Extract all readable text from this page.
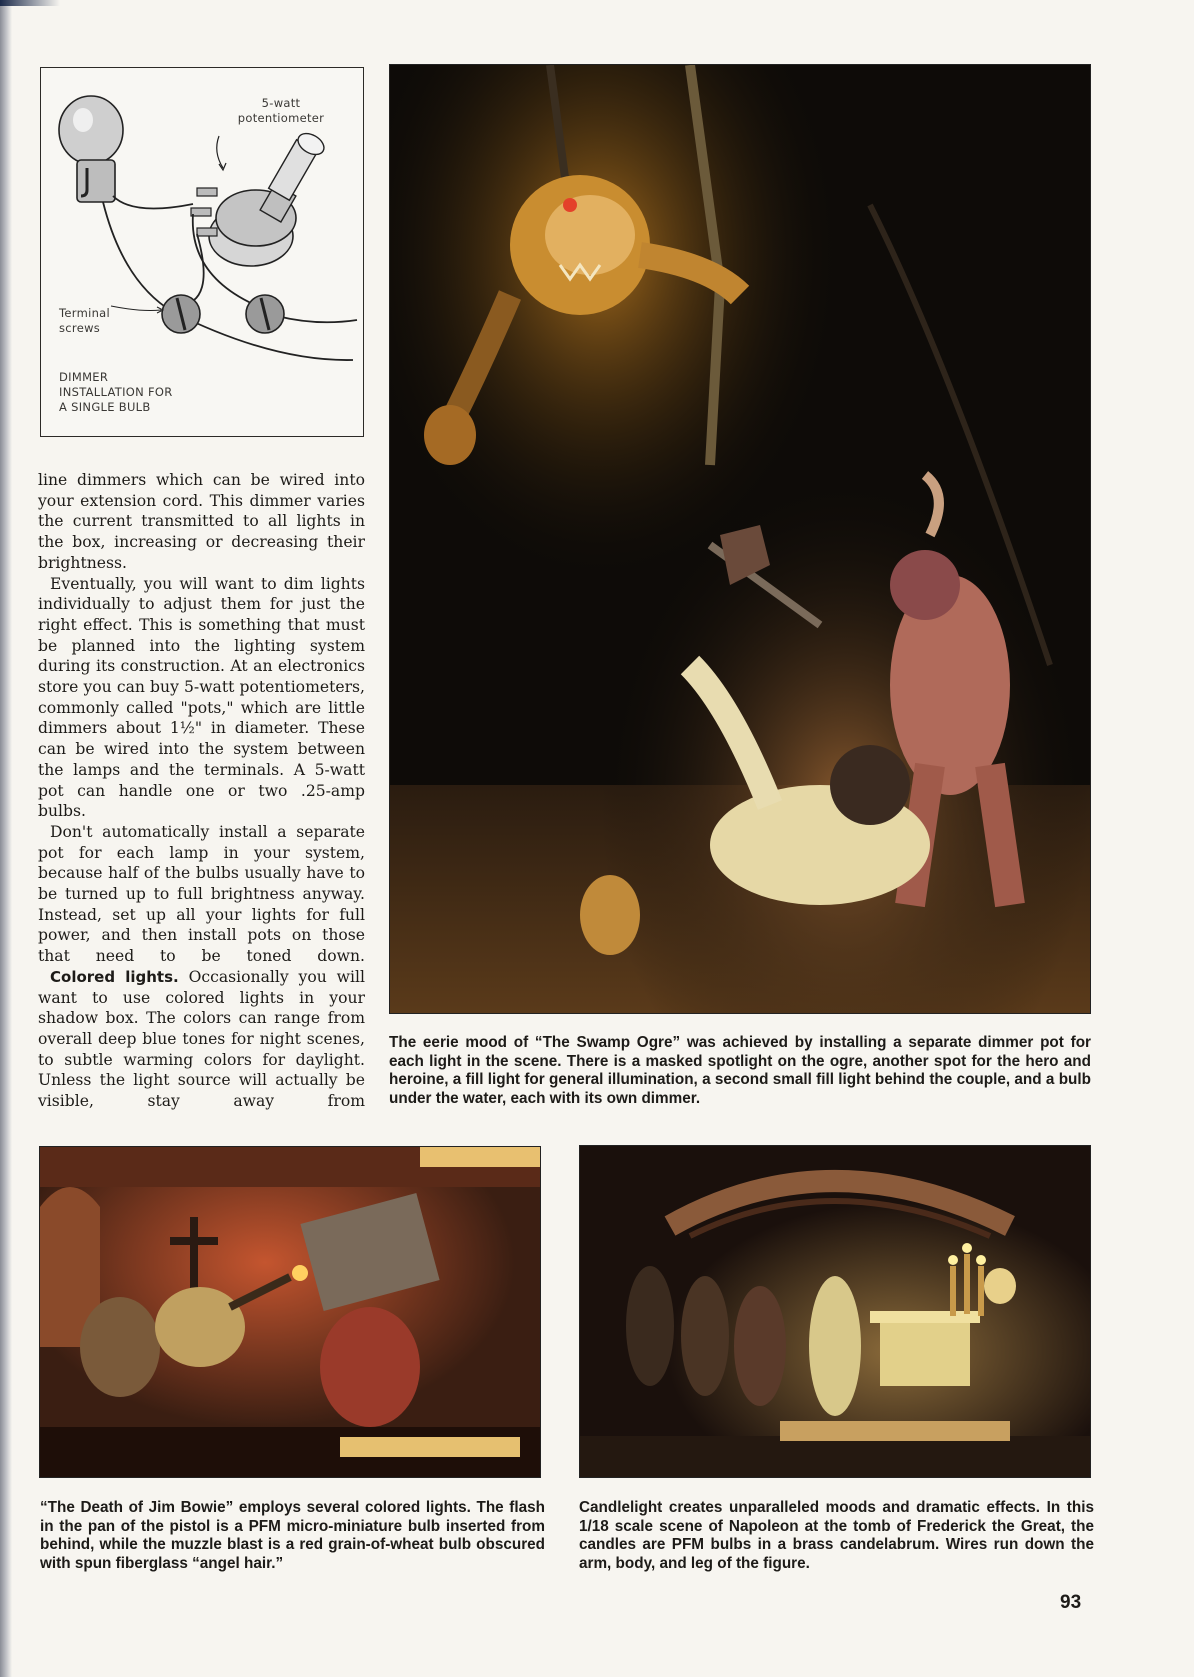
5-watt
potentiometer
Terminal
screws
DIMMER
INSTALLATION FOR
A SINGLE BULB

line dimmers which can be wired into your extension cord. This dimmer varies the current transmitted to all lights in the box, increasing or decreasing their brightness.

Eventually, you will want to dim lights individually to adjust them for just the right effect. This is something that must be planned into the lighting system during its construction. At an electronics store you can buy 5-watt potentiometers, commonly called "pots," which are little dimmers about 1½" in diameter. These can be wired into the system between the lamps and the terminals. A 5-watt pot can handle one or two .25-amp bulbs.

Don't automatically install a separate pot for each lamp in your system, because half of the bulbs usually have to be turned up to full brightness anyway. Instead, set up all your lights for full power, and then install pots on those that need to be toned down.

Colored lights. Occasionally you will want to use colored lights in your shadow box. The colors can range from overall deep blue tones for night scenes, to subtle warming colors for daylight. Unless the light source will actually be visible, stay away from

The eerie mood of “The Swamp Ogre” was achieved by installing a separate dimmer pot for each light in the scene. There is a masked spotlight on the ogre, another spot for the hero and heroine, a fill light for general illumination, a second small fill light behind the couple, and a bulb under the water, each with its own dimmer.
“The Death of Jim Bowie” employs several colored lights. The flash in the pan of the pistol is a PFM micro-miniature bulb inserted from behind, while the muzzle blast is a red grain-of-wheat bulb obscured with spun fiberglass “angel hair.”
Candlelight creates unparalleled moods and dramatic effects. In this 1/18 scale scene of Napoleon at the tomb of Frederick the Great, the candles are PFM bulbs in a brass candelabrum. Wires run down the arm, body, and leg of the figure.
93
